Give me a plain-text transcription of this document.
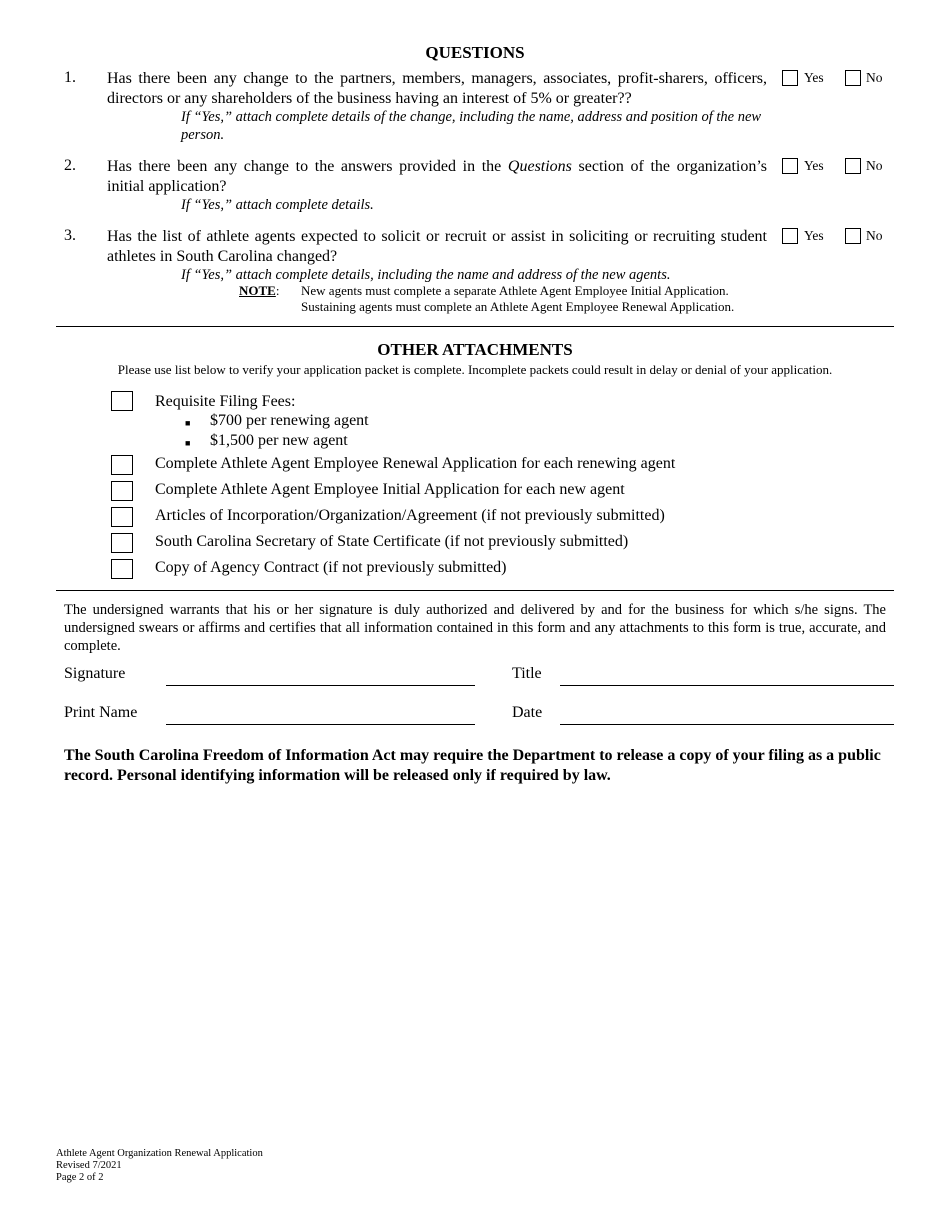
QUESTIONS
1. Has there been any change to the partners, members, managers, associates, profit-sharers, officers, directors or any shareholders of the business having an interest of 5% or greater??
If “Yes,” attach complete details of the change, including the name, address and position of the new person.
Yes	No
2. Has there been any change to the answers provided in the Questions section of the organization’s initial application?
If “Yes,” attach complete details.
Yes	No
3. Has the list of athlete agents expected to solicit or recruit or assist in soliciting or recruiting student athletes in South Carolina changed?
If “Yes,” attach complete details, including the name and address of the new agents.
Yes	No
NOTE: New agents must complete a separate Athlete Agent Employee Initial Application.
Sustaining agents must complete an Athlete Agent Employee Renewal Application.
OTHER ATTACHMENTS
Please use list below to verify your application packet is complete. Incomplete packets could result in delay or denial of your application.
Requisite Filing Fees:
■ $700 per renewing agent
■ $1,500 per new agent
Complete Athlete Agent Employee Renewal Application for each renewing agent
Complete Athlete Agent Employee Initial Application for each new agent
Articles of Incorporation/Organization/Agreement (if not previously submitted)
South Carolina Secretary of State Certificate (if not previously submitted)
Copy of Agency Contract (if not previously submitted)
The undersigned warrants that his or her signature is duly authorized and delivered by and for the business for which s/he signs. The undersigned swears or affirms and certifies that all information contained in this form and any attachments to this form is true, accurate, and complete.
Signature	Title
Print Name	Date
The South Carolina Freedom of Information Act may require the Department to release a copy of your filing as a public record. Personal identifying information will be released only if required by law.
Athlete Agent Organization Renewal Application
Revised 7/2021
Page 2 of 2
